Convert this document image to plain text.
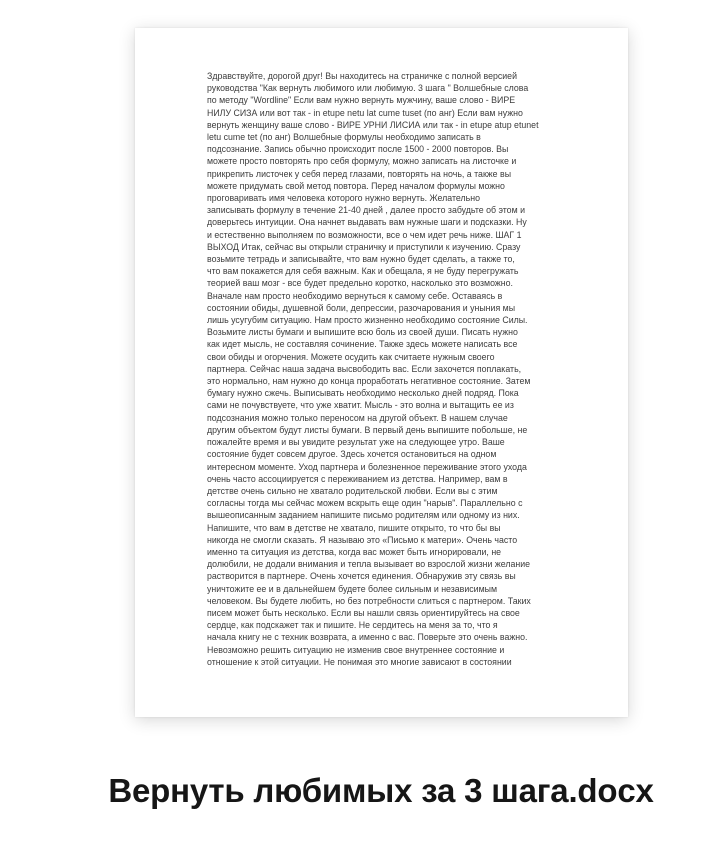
Здравствуйте, дорогой друг! Вы находитесь на страничке с полной версией
руководства "Как вернуть любимого или любимую. 3 шага " Волшебные слова
по методу "Wordline" Если вам нужно вернуть мужчину, ваше слово - ВИРЕ
НИЛУ СИЗА или вот так - in etupe netu lat cume tuset (по анг) Если вам нужно
вернуть женщину ваше слово - ВИРЕ УРНИ ЛИСИА или так - in etupe atup etunet
letu cume tet (по анг) Волшебные формулы необходимо записать в
подсознание. Запись обычно происходит после 1500 - 2000 повторов. Вы
можете просто повторять про себя формулу, можно записать на листочке и
прикрепить листочек у себя перед глазами, повторять на ночь, а также вы
можете придумать свой метод повтора. Перед началом формулы можно
проговаривать имя человека которого нужно вернуть. Желательно
записывать формулу в течение 21-40 дней , далее просто забудьте об этом и
доверьтесь интуиции. Она начнет выдавать вам нужные шаги и подсказки. Ну
и естественно выполняем по возможности, все о чем идет речь ниже. ШАГ 1
ВЫХОД Итак, сейчас вы открыли страничку и приступили к изучению. Сразу
возьмите тетрадь и записывайте, что вам нужно будет сделать, а также то,
что вам покажется для себя важным. Как и обещала, я не буду перегружать
теорией ваш мозг - все будет предельно коротко, насколько это возможно.
Вначале нам просто необходимо вернуться к самому себе. Оставаясь в
состоянии обиды, душевной боли, депрессии, разочарования и уныния мы
лишь усугубим ситуацию. Нам просто жизненно необходимо состояние Силы.
Возьмите листы бумаги и выпишите всю боль из своей души. Писать нужно
как идет мысль, не составляя сочинение. Также здесь можете написать все
свои обиды и огорчения. Можете осудить как считаете нужным своего
партнера. Сейчас наша задача высвободить вас. Если захочется поплакать,
это нормально, нам нужно до конца проработать негативное состояние. Затем
бумагу нужно сжечь. Выписывать необходимо несколько дней подряд. Пока
сами не почувствуете, что уже хватит. Мысль - это волна и вытащить ее из
подсознания можно только переносом на другой объект. В нашем случае
другим объектом будут листы бумаги. В первый день выпишите побольше, не
пожалейте время и вы увидите результат уже на следующее утро. Ваше
состояние будет совсем другое. Здесь хочется остановиться на одном
интересном моменте. Уход партнера и болезненное переживание этого ухода
очень часто ассоциируется с переживанием из детства. Например, вам в
детстве очень сильно не хватало родительской любви. Если вы с этим
согласны тогда мы сейчас можем вскрыть еще один "нарыв". Параллельно с
вышеописанным заданием напишите письмо родителям или одному из них.
Напишите, что вам в детстве не хватало, пишите открыто, то что бы вы
никогда не смогли сказать. Я называю это «Письмо к матери». Очень часто
именно та ситуация из детства, когда вас может быть игнорировали, не
долюбили, не додали внимания и тепла вызывает во взрослой жизни желание
растворится в партнере. Очень хочется единения. Обнаружив эту связь вы
уничтожите ее и в дальнейшем будете более сильным и независимым
человеком. Вы будете любить, но без потребности слиться с партнером. Таких
писем может быть несколько. Если вы нашли связь ориентируйтесь на свое
сердце, как подскажет так и пишите. Не сердитесь на меня за то, что я
начала книгу не с техник возврата, а именно с вас. Поверьте это очень важно.
Невозможно решить ситуацию не изменив свое внутреннее состояние и
отношение к этой ситуации. Не понимая это многие зависают в состоянии
Вернуть любимых за 3 шага.docx
